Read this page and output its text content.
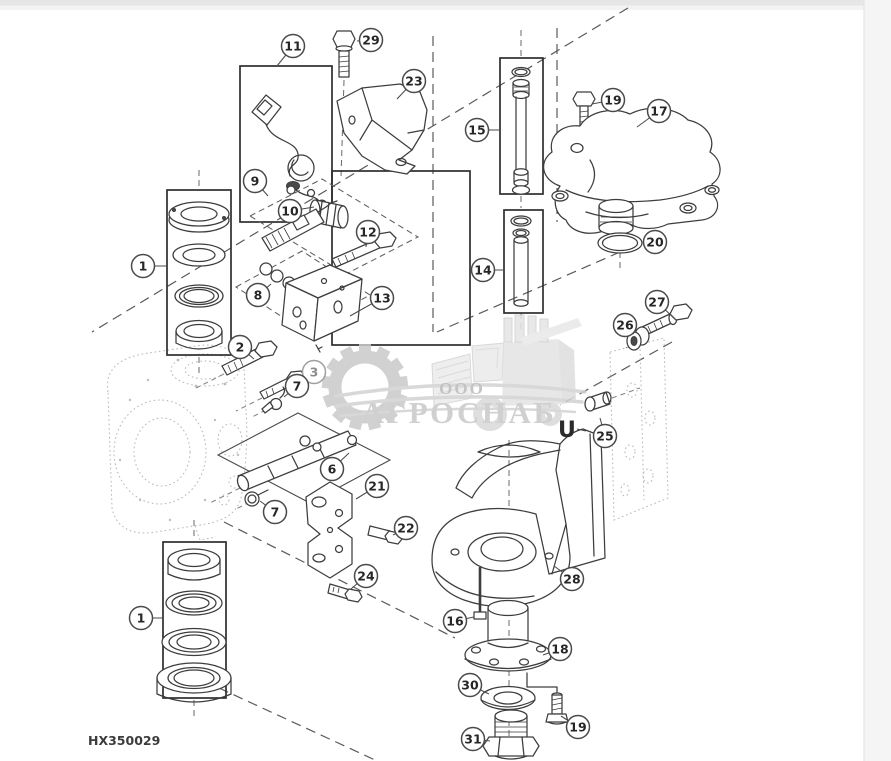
ООО
АГРОСНАБ
U
1
1
2
3
6
7
7
8
9
10
11
12
13
14
15
16
17
18
19
19
20
21
22
23
24
25
26
27
28
29
30
31
HX350029
